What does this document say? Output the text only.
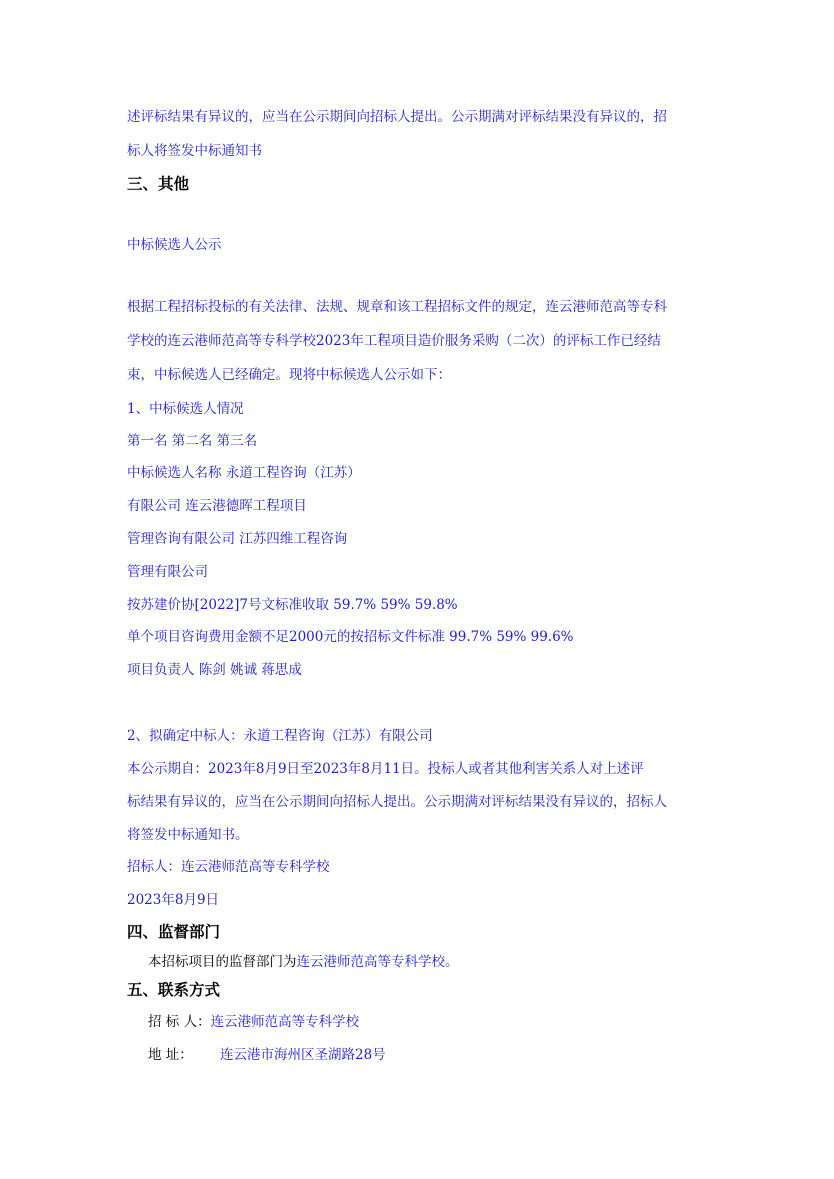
述评标结果有异议的，应当在公示期间向招标人提出。公示期满对评标结果没有异议的，招
标人将签发中标通知书
三、其他
中标候选人公示
根据工程招标投标的有关法律、法规、规章和该工程招标文件的规定，连云港师范高等专科
学校的连云港师范高等专科学校2023年工程项目造价服务采购（二次）的评标工作已经结
束，中标候选人已经确定。现将中标候选人公示如下：
1、中标候选人情况
第一名 第二名 第三名
中标候选人名称 永道工程咨询（江苏）
有限公司 连云港德晖工程项目
管理咨询有限公司 江苏四维工程咨询
管理有限公司
按苏建价协[2022]7号文标准收取 59.7% 59% 59.8%
单个项目咨询费用金额不足2000元的按招标文件标准 99.7% 59% 99.6%
项目负责人 陈剑 姚诚 蒋思成
2、拟确定中标人：永道工程咨询（江苏）有限公司
本公示期自：2023年8月9日至2023年8月11日。投标人或者其他利害关系人对上述评
标结果有异议的，应当在公示期间向招标人提出。公示期满对评标结果没有异议的，招标人
将签发中标通知书。
招标人：连云港师范高等专科学校
2023年8月9日
四、监督部门
本招标项目的监督部门为连云港师范高等专科学校。
五、联系方式
招 标 人：连云港师范高等专科学校
地 址： 连云港市海州区圣湖路28号
